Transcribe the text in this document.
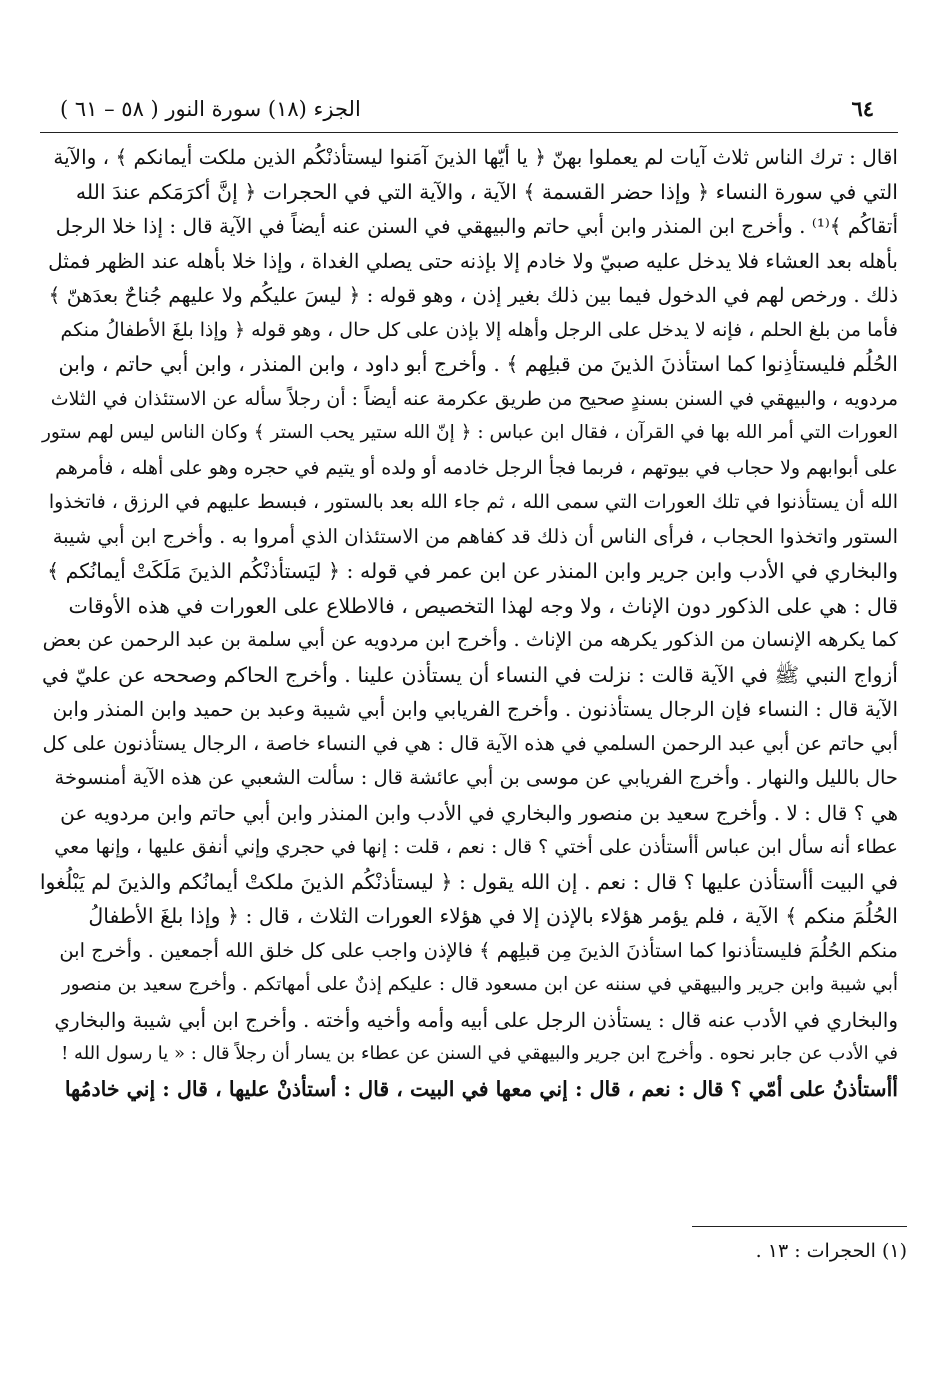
٦٤
الجزء (١٨) سورة النور ( ٥٨ – ٦١ )
اقال : ترك الناس ثلاث آيات لم يعملوا بهنّ ﴿ يا أيّها الذينَ آمَنوا ليستأذنْكُم الذين ملكت أيمانكم ﴾ ، والآية
التي في سورة النساء ﴿ وإذا حضر القسمة ﴾ الآية ، والآية التي في الحجرات ﴿ إنَّ أكرَمَكم عندَ الله
أتقاكُم ﴾⁽¹⁾ . وأخرج ابن المنذر وابن أبي حاتم والبيهقي في السنن عنه أيضاً في الآية قال : إذا خلا الرجل
بأهله بعد العشاء فلا يدخل عليه صبيّ ولا خادم إلا بإذنه حتى يصلي الغداة ، وإذا خلا بأهله عند الظهر فمثل
ذلك . ورخص لهم في الدخول فيما بين ذلك بغير إذن ، وهو قوله : ﴿ ليسَ عليكُم ولا عليهم جُناحٌ بعدَهنّ ﴾
فأما من بلغ الحلم ، فإنه لا يدخل على الرجل وأهله إلا بإذن على كل حال ، وهو قوله ﴿ وإذا بلغَ الأطفالُ منكم
الحُلُم فليستأذِنوا كما استأذنَ الذينَ من قبلِهم ﴾ . وأخرج أبو داود ، وابن المنذر ، وابن أبي حاتم ، وابن
مردويه ، والبيهقي في السنن بسندٍ صحيح من طريق عكرمة عنه أيضاً : أن رجلاً سأله عن الاستئذان في الثلاث
العورات التي أمر الله بها في القرآن ، فقال ابن عباس : ﴿ إنّ الله ستير يحب الستر ﴾ وكان الناس ليس لهم ستور
على أبوابهم ولا حجاب في بيوتهم ، فربما فجأ الرجل خادمه أو ولده أو يتيم في حجره وهو على أهله ، فأمرهم
الله أن يستأذنوا في تلك العورات التي سمى الله ، ثم جاء الله بعد بالستور ، فبسط عليهم في الرزق ، فاتخذوا
الستور واتخذوا الحجاب ، فرأى الناس أن ذلك قد كفاهم من الاستئذان الذي أمروا به . وأخرج ابن أبي شيبة
والبخاري في الأدب وابن جرير وابن المنذر عن ابن عمر في قوله : ﴿ ليَستأذنْكُم الذينَ مَلَكَتْ أيمانُكم ﴾
قال : هي على الذكور دون الإناث ، ولا وجه لهذا التخصيص ، فالاطلاع على العورات في هذه الأوقات
كما يكرهه الإنسان من الذكور يكرهه من الإناث . وأخرج ابن مردويه عن أبي سلمة بن عبد الرحمن عن بعض
أزواج النبي ﷺ في الآية قالت : نزلت في النساء أن يستأذن علينا . وأخرج الحاكم وصححه عن عليّ في
الآية قال : النساء فإن الرجال يستأذنون . وأخرج الفريابي وابن أبي شيبة وعبد بن حميد وابن المنذر وابن
أبي حاتم عن أبي عبد الرحمن السلمي في هذه الآية قال : هي في النساء خاصة ، الرجال يستأذنون على كل
حال بالليل والنهار . وأخرج الفريابي عن موسى بن أبي عائشة قال : سألت الشعبي عن هذه الآية أمنسوخة
هي ؟ قال : لا . وأخرج سعيد بن منصور والبخاري في الأدب وابن المنذر وابن أبي حاتم وابن مردويه عن
عطاء أنه سأل ابن عباس أأستأذن على أختي ؟ قال : نعم ، قلت : إنها في حجري وإني أنفق عليها ، وإنها معي
في البيت أأستأذن عليها ؟ قال : نعم . إن الله يقول : ﴿ ليستأذنْكُم الذينَ ملكتْ أيمانُكم والذينَ لم يَبْلُغوا
الحُلُمَ منكم ﴾ الآية ، فلم يؤمر هؤلاء بالإذن إلا في هؤلاء العورات الثلاث ، قال : ﴿ وإذا بلغَ الأطفالُ
منكم الحُلُمَ فليستأذنوا كما استأذنَ الذينَ مِن قبلِهم ﴾ فالإذن واجب على كل خلق الله أجمعين . وأخرج ابن
أبي شيبة وابن جرير والبيهقي في سننه عن ابن مسعود قال : عليكم إذنٌ على أمهاتكم . وأخرج سعيد بن منصور
والبخاري في الأدب عنه قال : يستأذن الرجل على أبيه وأمه وأخيه وأخته . وأخرج ابن أبي شيبة والبخاري
في الأدب عن جابر نحوه . وأخرج ابن جرير والبيهقي في السنن عن عطاء بن يسار أن رجلاً قال : « يا رسول الله !
أأستأذنُ على أمّي ؟ قال : نعم ، قال : إني معها في البيت ، قال : أستأذنْ عليها ، قال : إني خادمُها
(١) الحجرات : ١٣ .
